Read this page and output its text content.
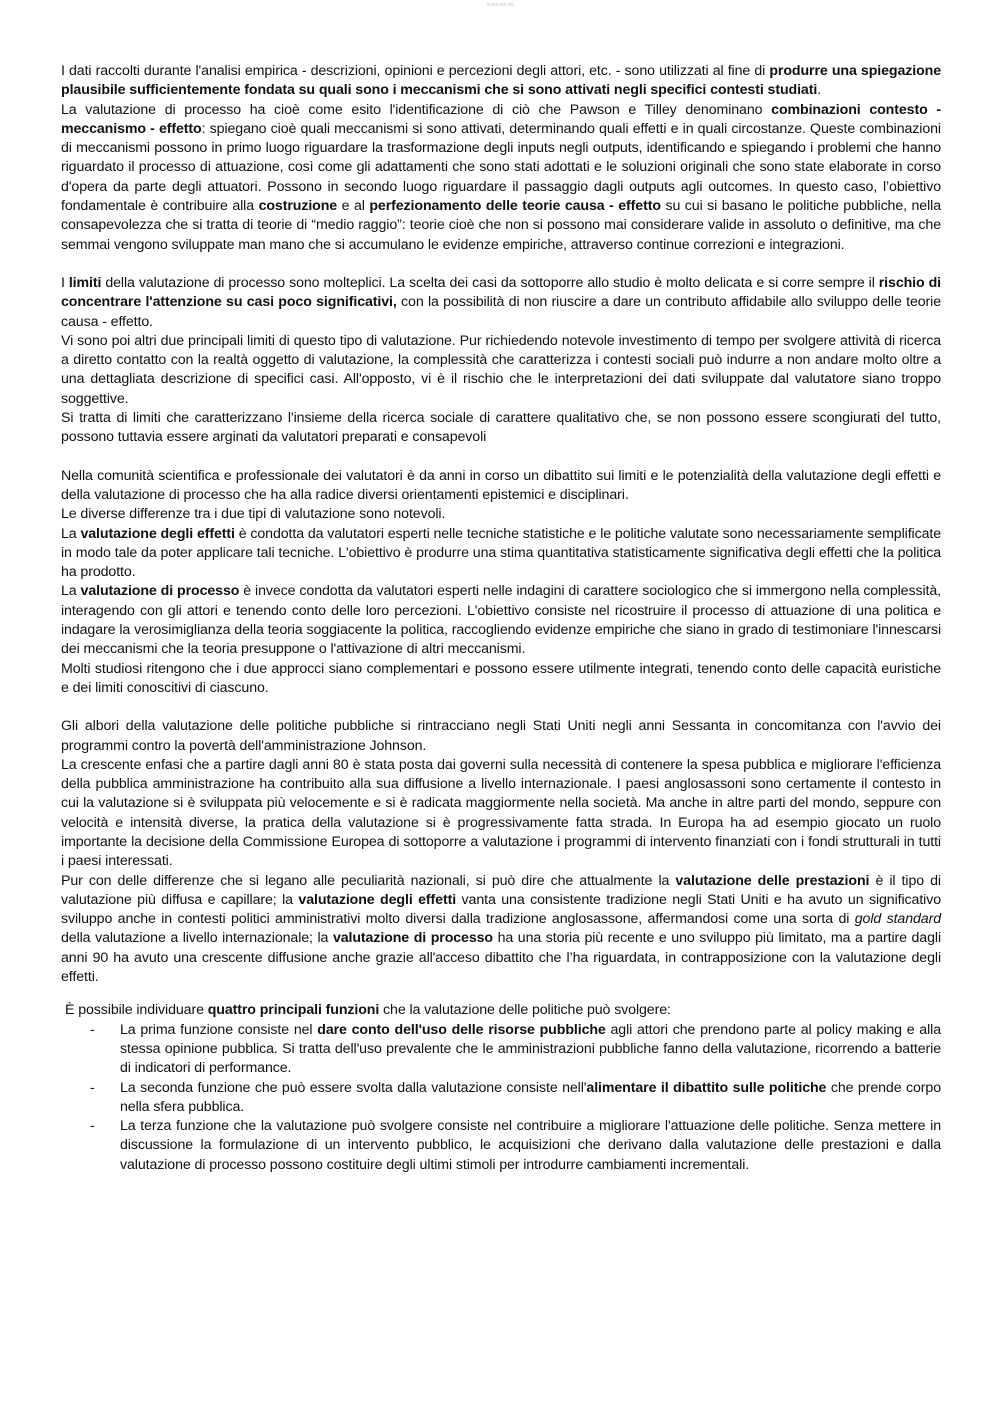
scaricato da

I dati raccolti durante l'analisi empirica - descrizioni, opinioni e percezioni degli attori, etc. - sono utilizzati al fine di produrre una spiegazione plausibile sufficientemente fondata su quali sono i meccanismi che si sono attivati negli specifici contesti studiati.

La valutazione di processo ha cioè come esito l'identificazione di ciò che Pawson e Tilley denominano combinazioni contesto - meccanismo - effetto: spiegano cioè quali meccanismi si sono attivati, determinando quali effetti e in quali circostanze. Queste combinazioni di meccanismi possono in primo luogo riguardare la trasformazione degli inputs negli outputs, identificando e spiegando i problemi che hanno riguardato il processo di attuazione, così come gli adattamenti che sono stati adottati e le soluzioni originali che sono state elaborate in corso d'opera da parte degli attuatori. Possono in secondo luogo riguardare il passaggio dagli outputs agli outcomes. In questo caso, l’obiettivo fondamentale è contribuire alla costruzione e al perfezionamento delle teorie causa - effetto su cui si basano le politiche pubbliche, nella consapevolezza che si tratta di teorie di “medio raggio”: teorie cioè che non si possono mai considerare valide in assoluto o definitive, ma che semmai vengono sviluppate man mano che si accumulano le evidenze empiriche, attraverso continue correzioni e integrazioni.

I limiti della valutazione di processo sono molteplici. La scelta dei casi da sottoporre allo studio è molto delicata e si corre sempre il rischio di concentrare l'attenzione su casi poco significativi, con la possibilità di non riuscire a dare un contributo affidabile allo sviluppo delle teorie causa - effetto.

Vi sono poi altri due principali limiti di questo tipo di valutazione. Pur richiedendo notevole investimento di tempo per svolgere attività di ricerca a diretto contatto con la realtà oggetto di valutazione, la complessità che caratterizza i contesti sociali può indurre a non andare molto oltre a una dettagliata descrizione di specifici casi. All'opposto, vi è il rischio che le interpretazioni dei dati sviluppate dal valutatore siano troppo soggettive.

Si tratta di limiti che caratterizzano l'insieme della ricerca sociale di carattere qualitativo che, se non possono essere scongiurati del tutto, possono tuttavia essere arginati da valutatori preparati e consapevoli

Nella comunità scientifica e professionale dei valutatori è da anni in corso un dibattito sui limiti e le potenzialità della valutazione degli effetti e della valutazione di processo che ha alla radice diversi orientamenti epistemici e disciplinari.

Le diverse differenze tra i due tipi di valutazione sono notevoli.

La valutazione degli effetti è condotta da valutatori esperti nelle tecniche statistiche e le politiche valutate sono necessariamente semplificate in modo tale da poter applicare tali tecniche. L'obiettivo è produrre una stima quantitativa statisticamente significativa degli effetti che la politica ha prodotto.

La valutazione di processo è invece condotta da valutatori esperti nelle indagini di carattere sociologico che si immergono nella complessità, interagendo con gli attori e tenendo conto delle loro percezioni. L'obiettivo consiste nel ricostruire il processo di attuazione di una politica e indagare la verosimiglianza della teoria soggiacente la politica, raccogliendo evidenze empiriche che siano in grado di testimoniare l'innescarsi dei meccanismi che la teoria presuppone o l'attivazione di altri meccanismi.

Molti studiosi ritengono che i due approcci siano complementari e possono essere utilmente integrati, tenendo conto delle capacità euristiche e dei limiti conoscitivi di ciascuno.

Gli albori della valutazione delle politiche pubbliche si rintracciano negli Stati Uniti negli anni Sessanta in concomitanza con l'avvio dei programmi contro la povertà dell'amministrazione Johnson.

La crescente enfasi che a partire dagli anni 80 è stata posta dai governi sulla necessità di contenere la spesa pubblica e migliorare l'efficienza della pubblica amministrazione ha contribuito alla sua diffusione a livello internazionale. I paesi anglosassoni sono certamente il contesto in cui la valutazione si è sviluppata più velocemente e si è radicata maggiormente nella società. Ma anche in altre parti del mondo, seppure con velocità e intensità diverse, la pratica della valutazione si è progressivamente fatta strada. In Europa ha ad esempio giocato un ruolo importante la decisione della Commissione Europea di sottoporre a valutazione i programmi di intervento finanziati con i fondi strutturali in tutti i paesi interessati.

Pur con delle differenze che si legano alle peculiarità nazionali, si può dire che attualmente la valutazione delle prestazioni è il tipo di valutazione più diffusa e capillare; la valutazione degli effetti vanta una consistente tradizione negli Stati Uniti e ha avuto un significativo sviluppo anche in contesti politici amministrativi molto diversi dalla tradizione anglosassone, affermandosi come una sorta di gold standard della valutazione a livello internazionale; la valutazione di processo ha una storia più recente e uno sviluppo più limitato, ma a partire dagli anni 90 ha avuto una crescente diffusione anche grazie all'acceso dibattito che l’ha riguardata, in contrapposizione con la valutazione degli effetti.

È possibile individuare quattro principali funzioni che la valutazione delle politiche può svolgere:

- La prima funzione consiste nel dare conto dell'uso delle risorse pubbliche agli attori che prendono parte al policy making e alla stessa opinione pubblica. Si tratta dell'uso prevalente che le amministrazioni pubbliche fanno della valutazione, ricorrendo a batterie di indicatori di performance.
- La seconda funzione che può essere svolta dalla valutazione consiste nell'alimentare il dibattito sulle politiche che prende corpo nella sfera pubblica.
- La terza funzione che la valutazione può svolgere consiste nel contribuire a migliorare l'attuazione delle politiche. Senza mettere in discussione la formulazione di un intervento pubblico, le acquisizioni che derivano dalla valutazione delle prestazioni e dalla valutazione di processo possono costituire degli ultimi stimoli per introdurre cambiamenti incrementali.
